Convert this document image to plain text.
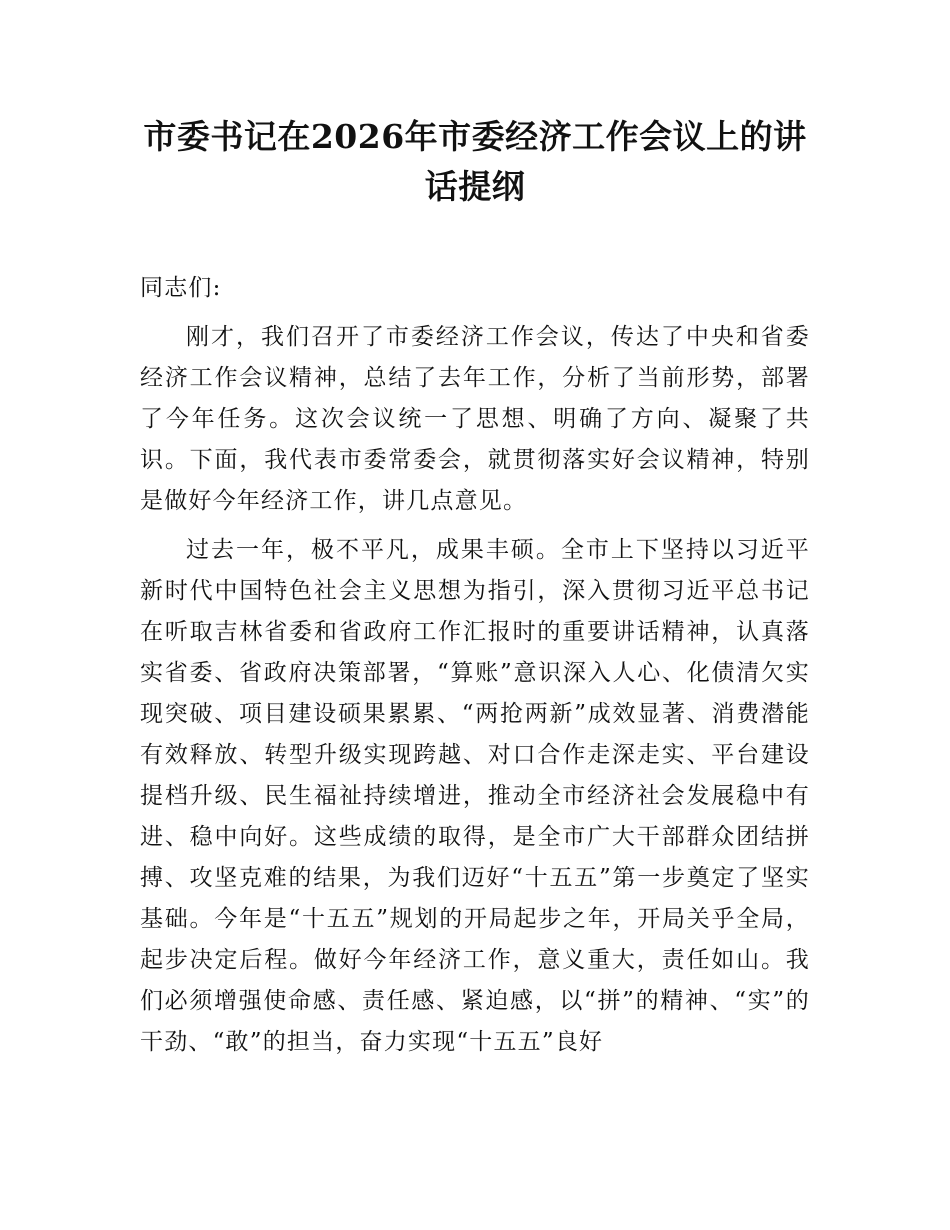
市委书记在2026年市委经济工作会议上的讲话提纲

同志们:

刚才，我们召开了市委经济工作会议，传达了中央和省委经济工作会议精神，总结了去年工作，分析了当前形势，部署了今年任务。这次会议统一了思想、明确了方向、凝聚了共识。下面，我代表市委常委会，就贯彻落实好会议精神，特别是做好今年经济工作，讲几点意见。

过去一年，极不平凡，成果丰硕。全市上下坚持以习近平新时代中国特色社会主义思想为指引，深入贯彻习近平总书记在听取吉林省委和省政府工作汇报时的重要讲话精神，认真落实省委、省政府决策部署，“算账”意识深入人心、化债清欠实现突破、项目建设硕果累累、“两抢两新”成效显著、消费潜能有效释放、转型升级实现跨越、对口合作走深走实、平台建设提档升级、民生福祉持续增进，推动全市经济社会发展稳中有进、稳中向好。这些成绩的取得，是全市广大干部群众团结拼搏、攻坚克难的结果，为我们迈好“十五五”第一步奠定了坚实基础。今年是“十五五”规划的开局起步之年，开局关乎全局，起步决定后程。做好今年经济工作，意义重大，责任如山。我们必须增强使命感、责任感、紧迫感，以“拼”的精神、“实”的干劲、“敢”的担当，奋力实现“十五五”良好
